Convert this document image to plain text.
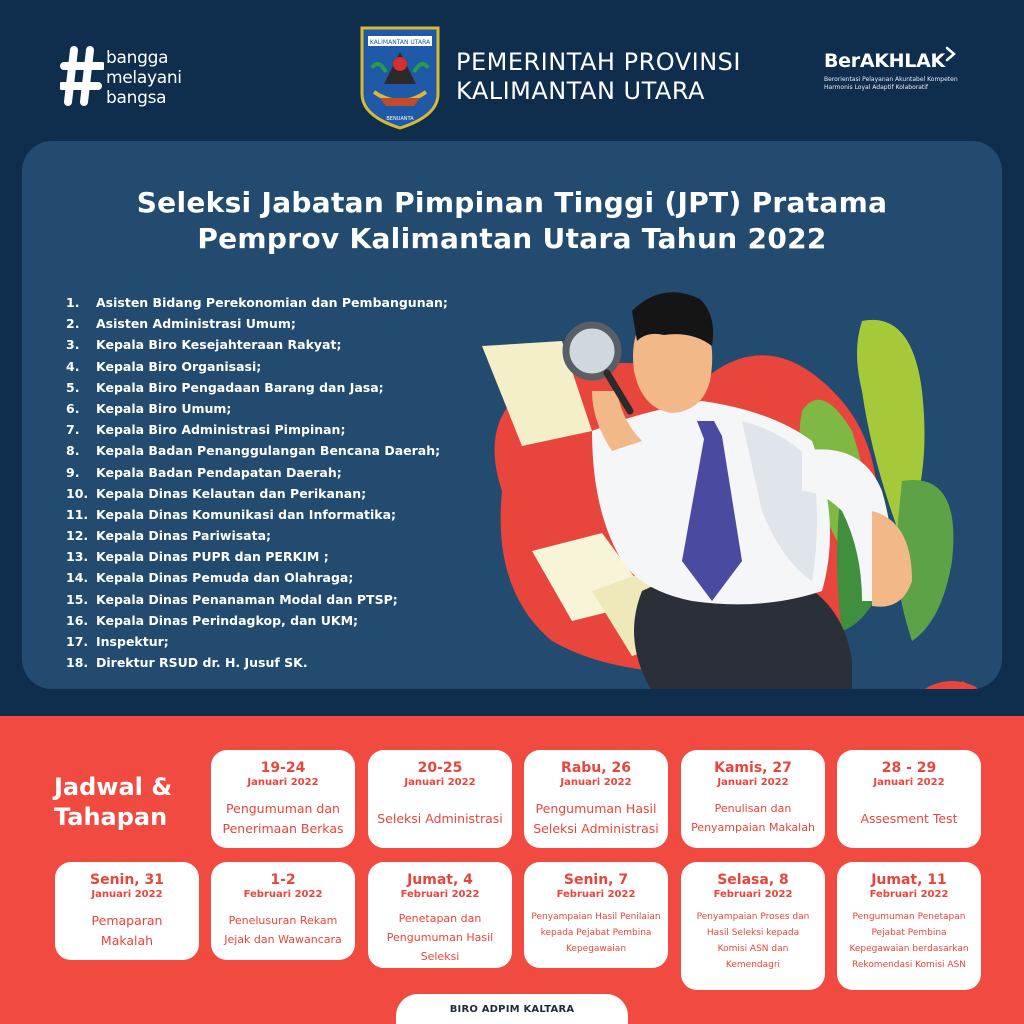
bangga
melayani
bangsa
KALIMANTAN UTARA
BENUANTA
PEMERINTAH PROVINSI
KALIMANTAN UTARA
BerAKHLAK
Berorientasi Pelayanan Akuntabel Kompeten
Harmonis Loyal Adaptif Kolaboratif
Seleksi Jabatan Pimpinan Tinggi (JPT) Pratama
Pemprov Kalimantan Utara Tahun 2022
1.	Asisten Bidang Perekonomian dan Pembangunan;
2.	Asisten Administrasi Umum;
3.	Kepala Biro Kesejahteraan Rakyat;
4.	Kepala Biro Organisasi;
5.	Kepala Biro Pengadaan Barang dan Jasa;
6.	Kepala Biro Umum;
7.	Kepala Biro Administrasi Pimpinan;
8.	Kepala Badan Penanggulangan Bencana Daerah;
9.	Kepala Badan Pendapatan Daerah;
10. Kepala Dinas Kelautan dan Perikanan;
11. Kepala Dinas Komunikasi dan Informatika;
12. Kepala Dinas Pariwisata;
13. Kepala Dinas PUPR dan PERKIM ;
14. Kepala Dinas Pemuda dan Olahraga;
15. Kepala Dinas Penanaman Modal dan PTSP;
16. Kepala Dinas Perindagkop, dan UKM;
17. Inspektur;
18. Direktur RSUD dr. H. Jusuf SK.
Jadwal &
Tahapan
19-24
Januari 2022
Pengumuman dan
Penerimaan Berkas
20-25
Januari 2022
Seleksi Administrasi
Rabu, 26
Januari 2022
Pengumuman Hasil
Seleksi Administrasi
Kamis, 27
Januari 2022
Penulisan dan
Penyampaian Makalah
28 - 29
Januari 2022
Assesment Test
Senin, 31
Januari 2022
Pemaparan
Makalah
1-2
Februari 2022
Penelusuran Rekam
Jejak dan Wawancara
Jumat, 4
Februari 2022
Penetapan dan
Pengumuman Hasil
Seleksi
Senin, 7
Februari 2022
Penyampaian Hasil Penilaian
kepada Pejabat Pembina
Kepegawaian
Selasa, 8
Februari 2022
Penyampaian Proses dan
Hasil Seleksi kepada
Komisi ASN dan
Kemendagri
Jumat, 11
Februari 2022
Pengumuman Penetapan
Pejabat Pembina
Kepegawaian berdasarkan
Rekomendasi Komisi ASN
BIRO ADPIM KALTARA
